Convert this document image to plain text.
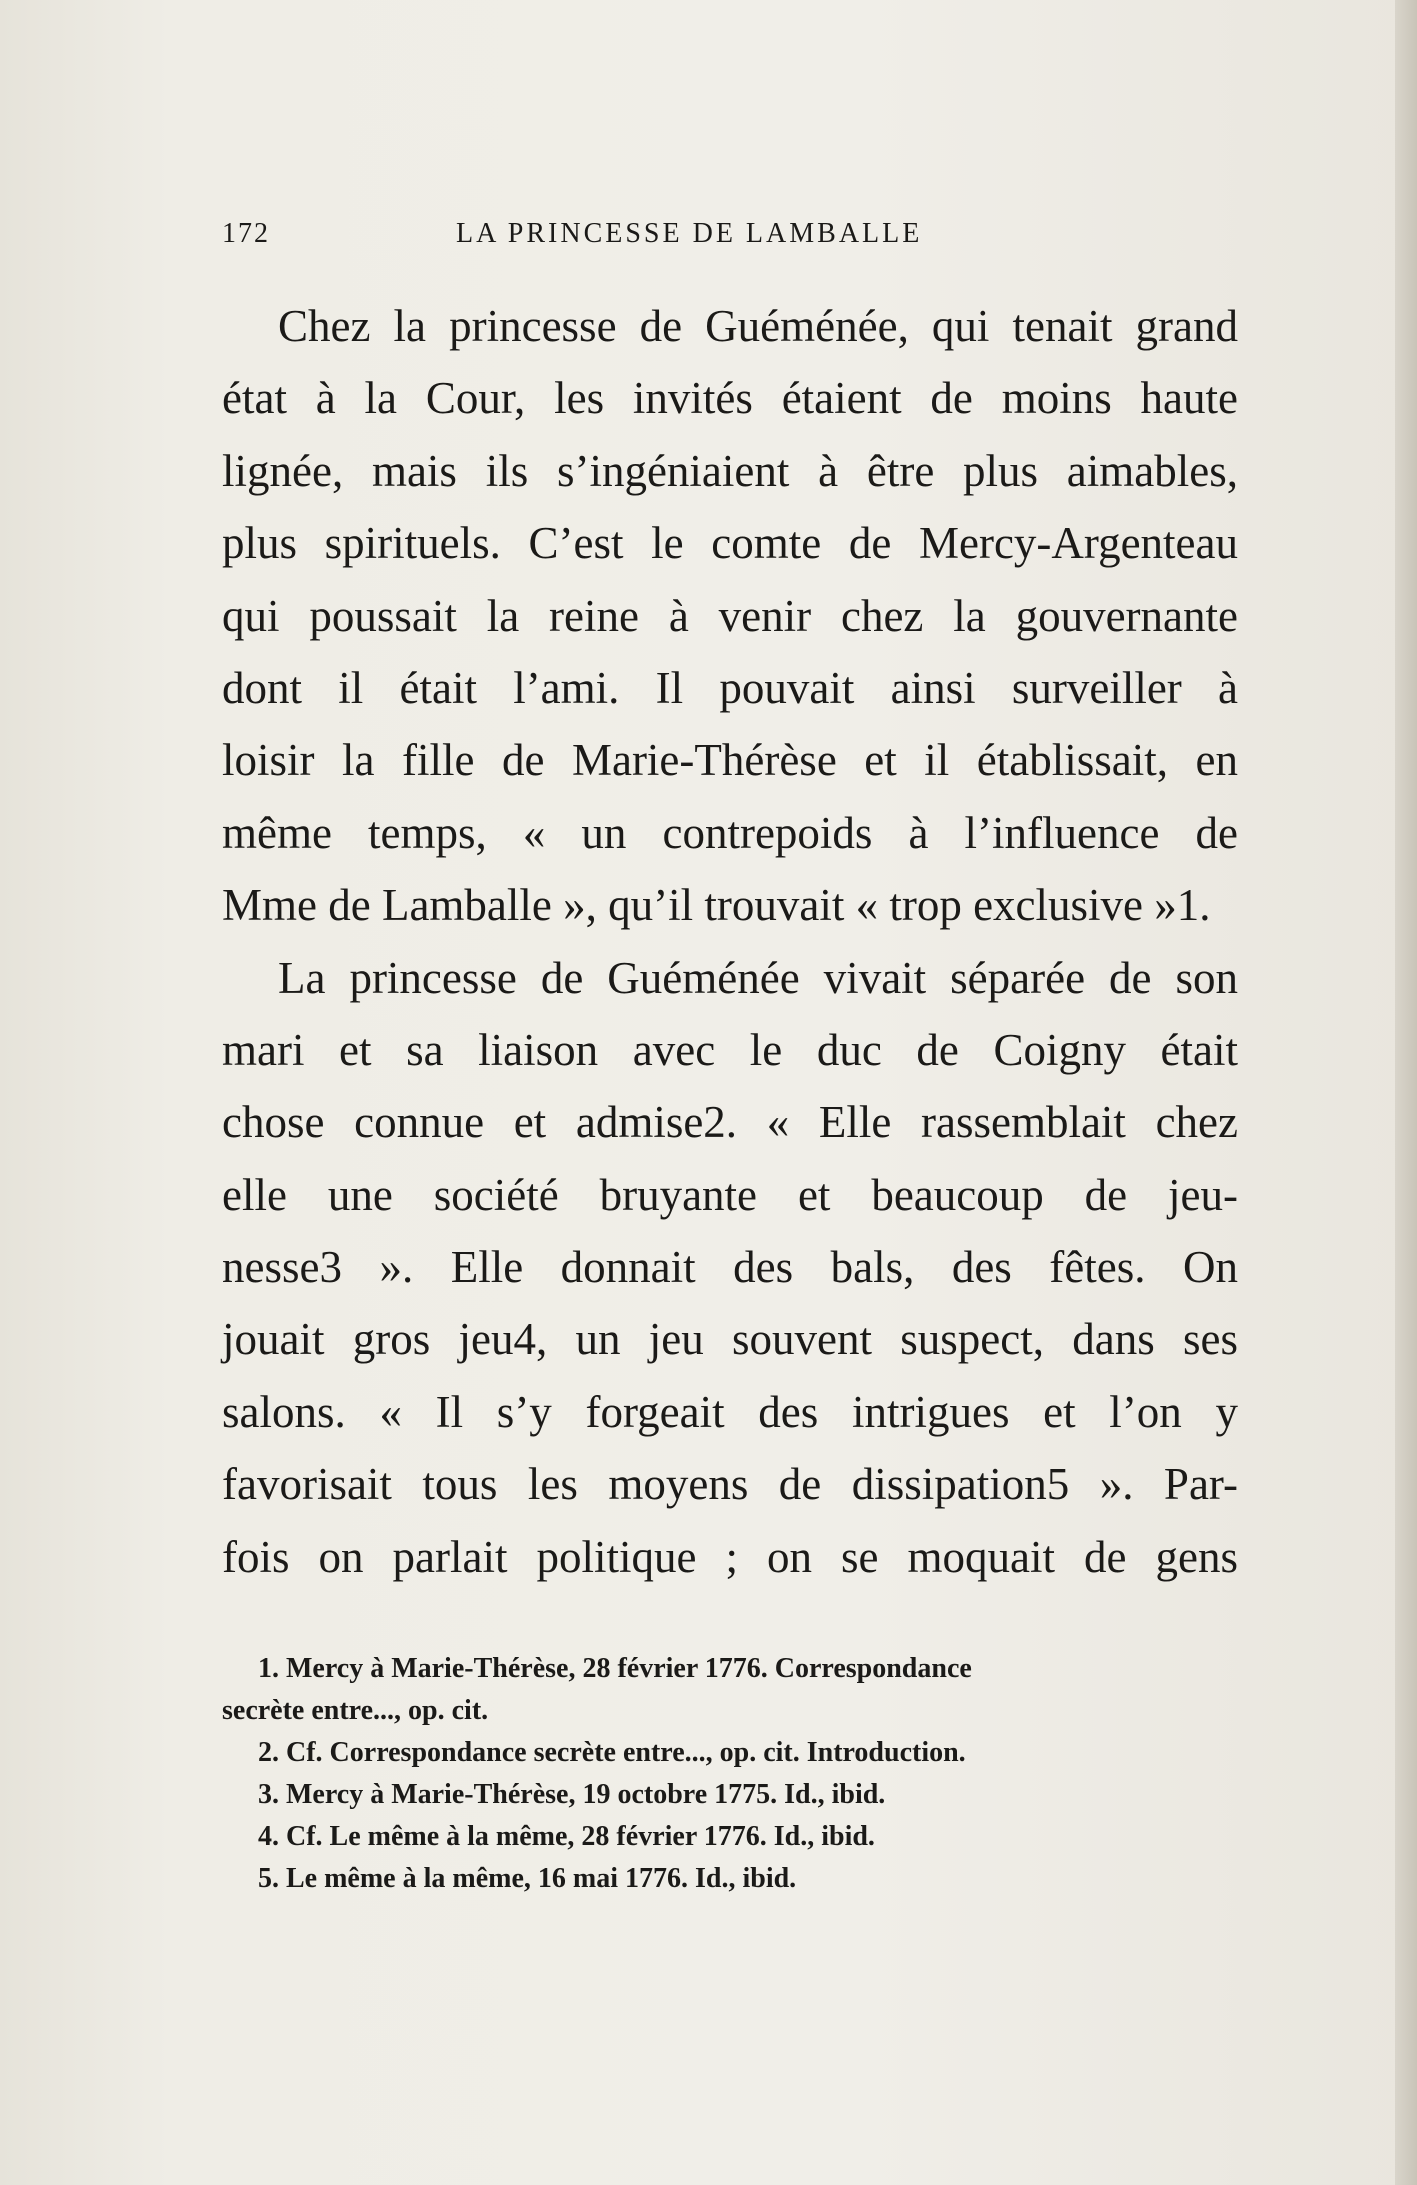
172	LA PRINCESSE DE LAMBALLE
Chez la princesse de Guéménée, qui tenait grand
état à la Cour, les invités étaient de moins haute
lignée, mais ils s’ingéniaient à être plus aimables,
plus spirituels. C’est le comte de Mercy-Argenteau
qui poussait la reine à venir chez la gouvernante
dont il était l’ami. Il pouvait ainsi surveiller à
loisir la fille de Marie-Thérèse et il établissait, en
même temps, « un contrepoids à l’influence de
Mme de Lamballe », qu’il trouvait « trop exclusive »1.
La princesse de Guéménée vivait séparée de son
mari et sa liaison avec le duc de Coigny était
chose connue et admise2. « Elle rassemblait chez
elle une société bruyante et beaucoup de jeu-
nesse3 ». Elle donnait des bals, des fêtes. On
jouait gros jeu4, un jeu souvent suspect, dans ses
salons. « Il s’y forgeait des intrigues et l’on y
favorisait tous les moyens de dissipation5 ». Par-
fois on parlait politique ; on se moquait de gens
1. Mercy à Marie-Thérèse, 28 février 1776. Correspondance
secrète entre..., op. cit.
2. Cf. Correspondance secrète entre..., op. cit. Introduction.
3. Mercy à Marie-Thérèse, 19 octobre 1775. Id., ibid.
4. Cf. Le même à la même, 28 février 1776. Id., ibid.
5. Le même à la même, 16 mai 1776. Id., ibid.
